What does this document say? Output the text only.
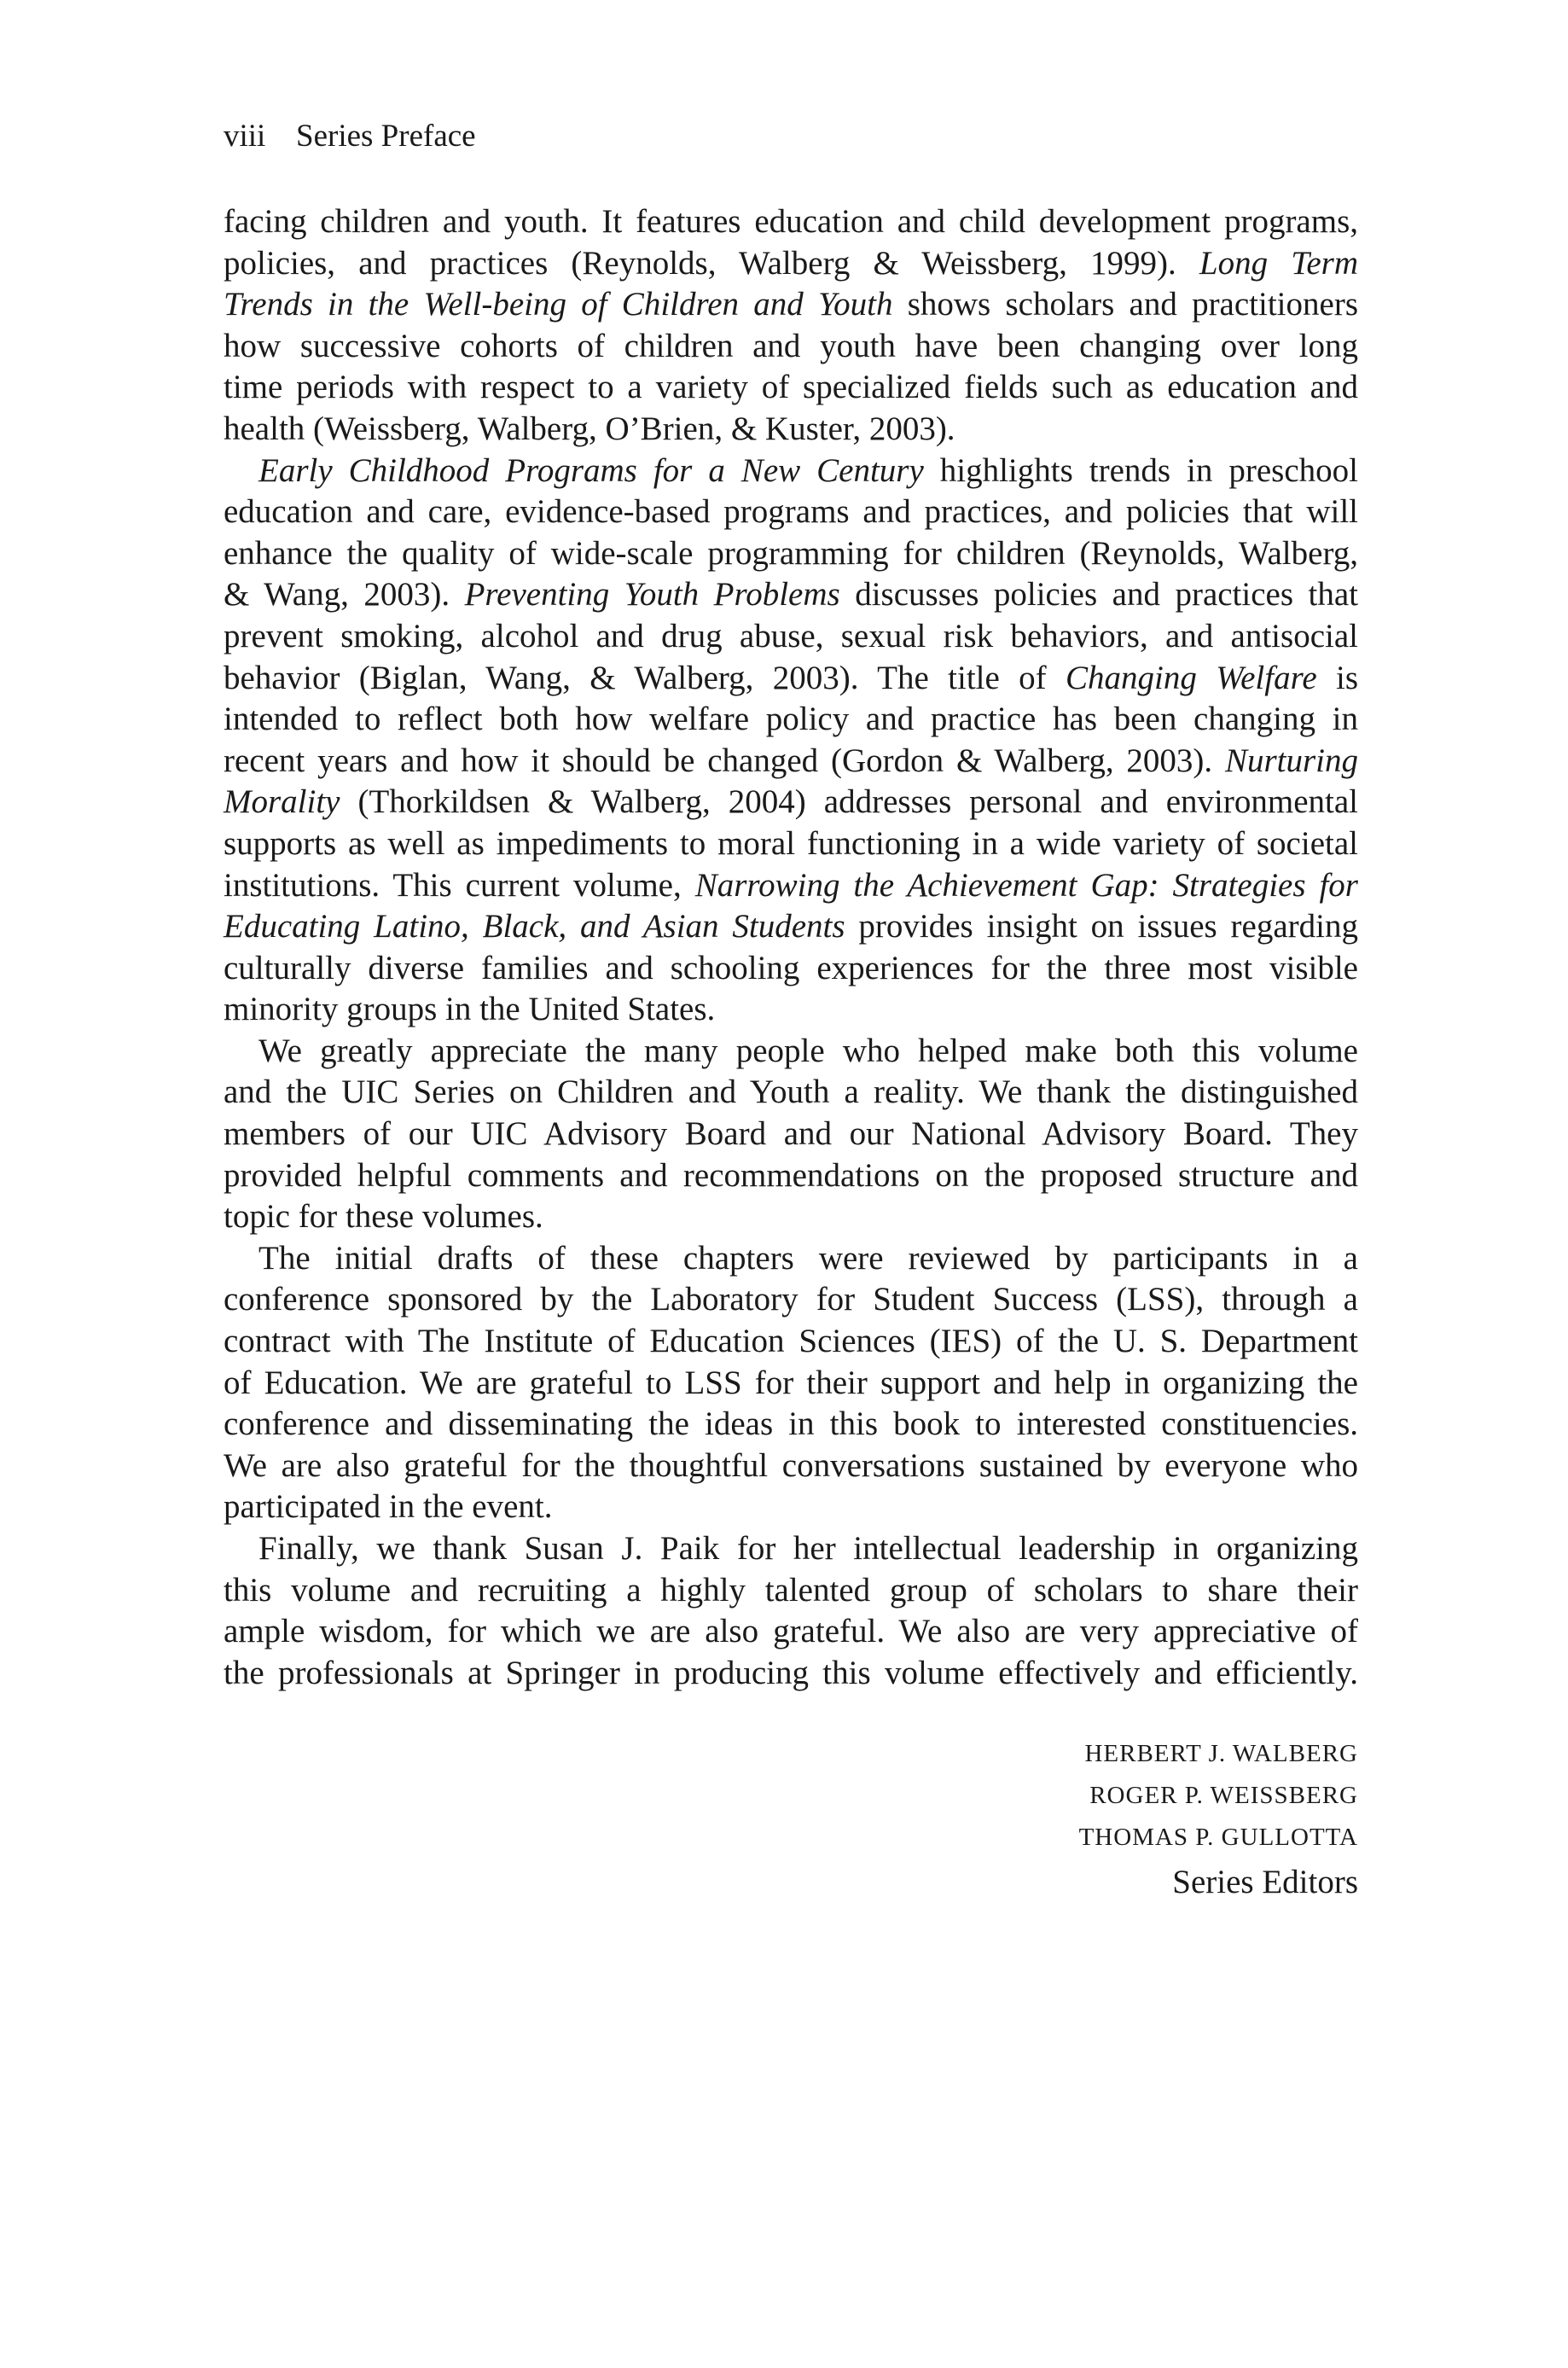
viii Series Preface

facing children and youth. It features education and child development programs,
policies, and practices (Reynolds, Walberg & Weissberg, 1999). Long Term
Trends in the Well-being of Children and Youth shows scholars and practitioners
how successive cohorts of children and youth have been changing over long
time periods with respect to a variety of specialized fields such as education and
health (Weissberg, Walberg, O’Brien, & Kuster, 2003).

Early Childhood Programs for a New Century highlights trends in preschool
education and care, evidence-based programs and practices, and policies that will
enhance the quality of wide-scale programming for children (Reynolds, Walberg,
& Wang, 2003). Preventing Youth Problems discusses policies and practices that
prevent smoking, alcohol and drug abuse, sexual risk behaviors, and antisocial
behavior (Biglan, Wang, & Walberg, 2003). The title of Changing Welfare is
intended to reflect both how welfare policy and practice has been changing in
recent years and how it should be changed (Gordon & Walberg, 2003). Nurturing
Morality (Thorkildsen & Walberg, 2004) addresses personal and environmental
supports as well as impediments to moral functioning in a wide variety of societal
institutions. This current volume, Narrowing the Achievement Gap: Strategies for
Educating Latino, Black, and Asian Students provides insight on issues regarding
culturally diverse families and schooling experiences for the three most visible
minority groups in the United States.

We greatly appreciate the many people who helped make both this volume
and the UIC Series on Children and Youth a reality. We thank the distinguished
members of our UIC Advisory Board and our National Advisory Board. They
provided helpful comments and recommendations on the proposed structure and
topic for these volumes.

The initial drafts of these chapters were reviewed by participants in a
conference sponsored by the Laboratory for Student Success (LSS), through a
contract with The Institute of Education Sciences (IES) of the U. S. Department
of Education. We are grateful to LSS for their support and help in organizing the
conference and disseminating the ideas in this book to interested constituencies.
We are also grateful for the thoughtful conversations sustained by everyone who
participated in the event.

Finally, we thank Susan J. Paik for her intellectual leadership in organizing
this volume and recruiting a highly talented group of scholars to share their
ample wisdom, for which we are also grateful. We also are very appreciative of
the professionals at Springer in producing this volume effectively and efficiently.

HERBERT J. WALBERG
ROGER P. WEISSBERG
THOMAS P. GULLOTTA
Series Editors
